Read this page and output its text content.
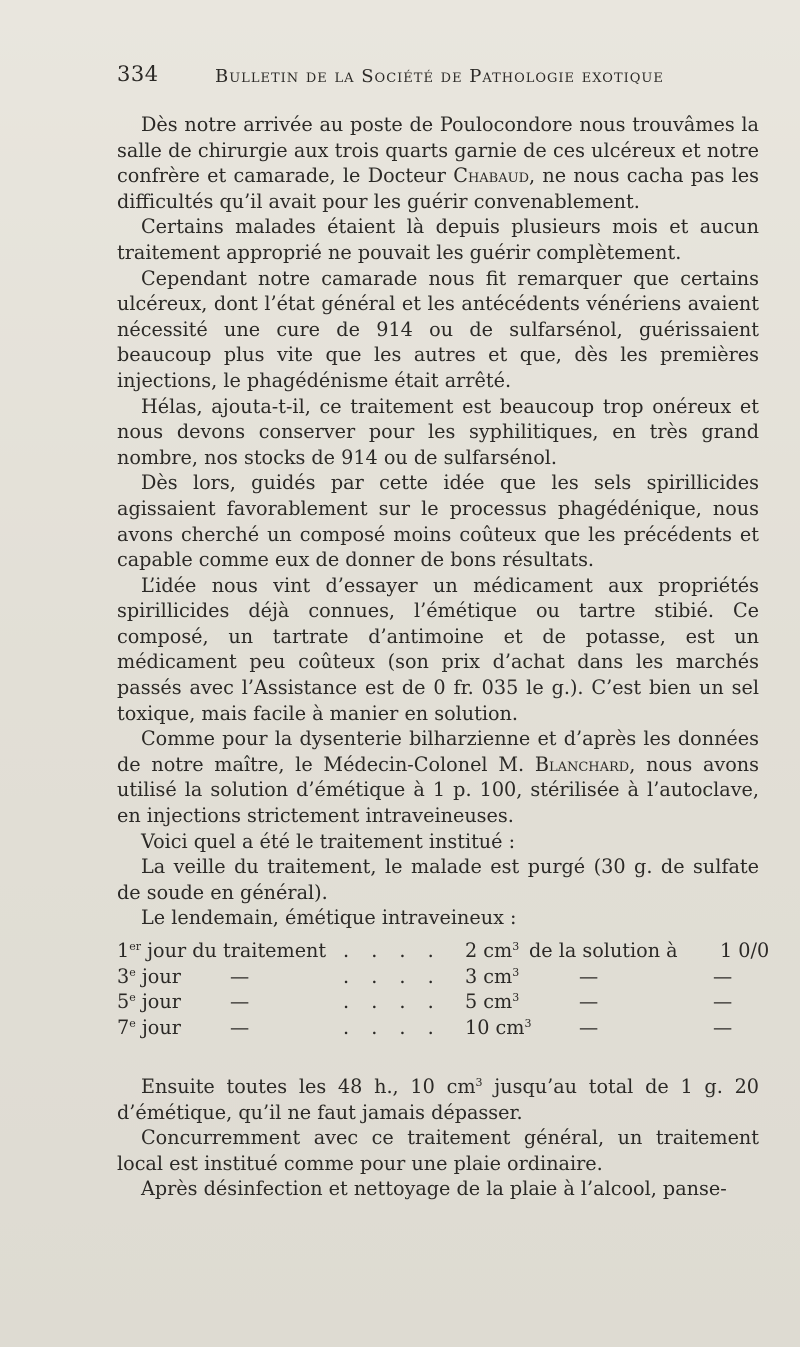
334	Bulletin de la Société de Pathologie exotique

Dès notre arrivée au poste de Poulocondore nous trouvâmes la salle de chirurgie aux trois quarts garnie de ces ulcéreux et notre confrère et camarade, le Docteur Chabaud, ne nous cacha pas les difficultés qu’il avait pour les guérir convenablement.

Certains malades étaient là depuis plusieurs mois et aucun traitement approprié ne pouvait les guérir complètement.

Cependant notre camarade nous fit remarquer que certains ulcéreux, dont l’état général et les antécédents vénériens avaient nécessité une cure de 914 ou de sulfarsénol, guérissaient beaucoup plus vite que les autres et que, dès les premières injections, le phagédénisme était arrêté.

Hélas, ajouta-t-il, ce traitement est beaucoup trop onéreux et nous devons conserver pour les syphilitiques, en très grand nombre, nos stocks de 914 ou de sulfarsénol.

Dès lors, guidés par cette idée que les sels spirillicides agissaient favorablement sur le processus phagédénique, nous avons cherché un composé moins coûteux que les précédents et capable comme eux de donner de bons résultats.

L’idée nous vint d’essayer un médicament aux propriétés spirillicides déjà connues, l’émétique ou tartre stibié. Ce composé, un tartrate d’antimoine et de potasse, est un médicament peu coûteux (son prix d’achat dans les marchés passés avec l’Assistance est de 0 fr. 035 le g.). C’est bien un sel toxique, mais facile à manier en solution.

Comme pour la dysenterie bilharzienne et d’après les données de notre maître, le Médecin-Colonel M. Blanchard, nous avons utilisé la solution d’émétique à 1 p. 100, stérilisée à l’autoclave, en injections strictement intraveineuses.

Voici quel a été le traitement institué :

La veille du traitement, le malade est purgé (30 g. de sulfate de soude en général).

Le lendemain, émétique intraveineux :

1er jour du traitement . . . . 2 $cm^3$ de la solution à 1 0/0
3e jour	—	. . . . 3 $cm^3$	—	—
5e jour	—	. . . . 5 $cm^3$	—	—
7e jour	—	. . . . 10 $cm^3$ —	—

Ensuite toutes les 48 h., 10 $cm^3$ jusqu’au total de 1 g. 20 d’émétique, qu’il ne faut jamais dépasser.

Concurremment avec ce traitement général, un traitement local est institué comme pour une plaie ordinaire.

Après désinfection et nettoyage de la plaie à l’alcool, panse-
